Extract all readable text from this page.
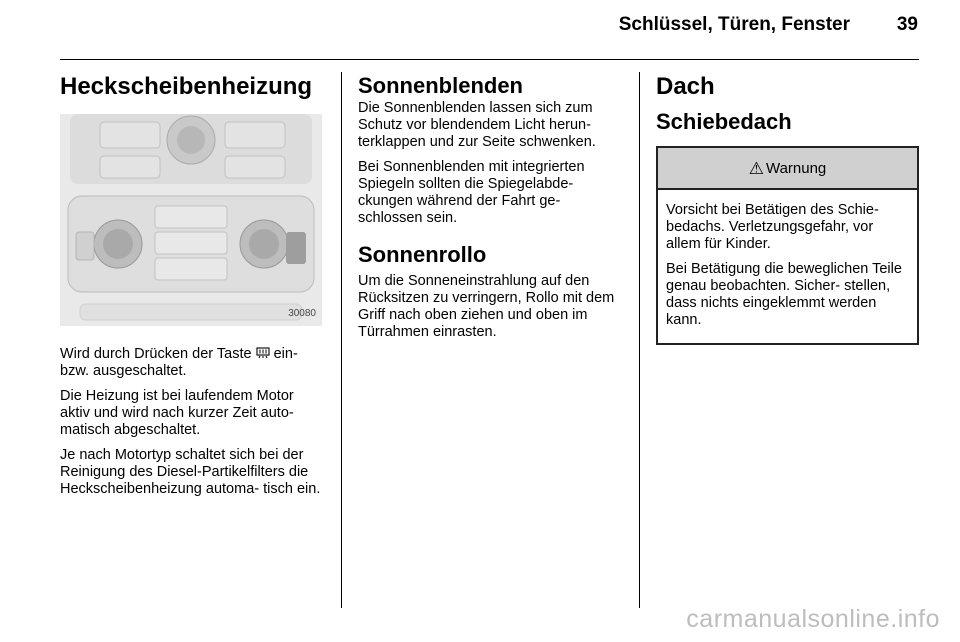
Schlüssel, Türen, Fenster	39
Heckscheibenheizung
30080

Wird durch Drücken der Taste  ein- bzw. ausgeschaltet.

Die Heizung ist bei laufendem Motor aktiv und wird nach kurzer Zeit auto- matisch abgeschaltet.

Je nach Motortyp schaltet sich bei der Reinigung des Diesel-Partikelfilters die Heckscheibenheizung automa- tisch ein.

Sonnenblenden

Die Sonnenblenden lassen sich zum Schutz vor blendendem Licht herun- terklappen und zur Seite schwenken.

Bei Sonnenblenden mit integrierten Spiegeln sollten die Spiegelabde- ckungen während der Fahrt ge- schlossen sein.

Sonnenrollo

Um die Sonneneinstrahlung auf den Rücksitzen zu verringern, Rollo mit dem Griff nach oben ziehen und oben im Türrahmen einrasten.

Dach
Schiebedach
⚠ Warnung

Vorsicht bei Betätigen des Schie- bedachs. Verletzungsgefahr, vor allem für Kinder.

Bei Betätigung die beweglichen Teile genau beobachten. Sicher- stellen, dass nichts eingeklemmt werden kann.

carmanualsonline.info
